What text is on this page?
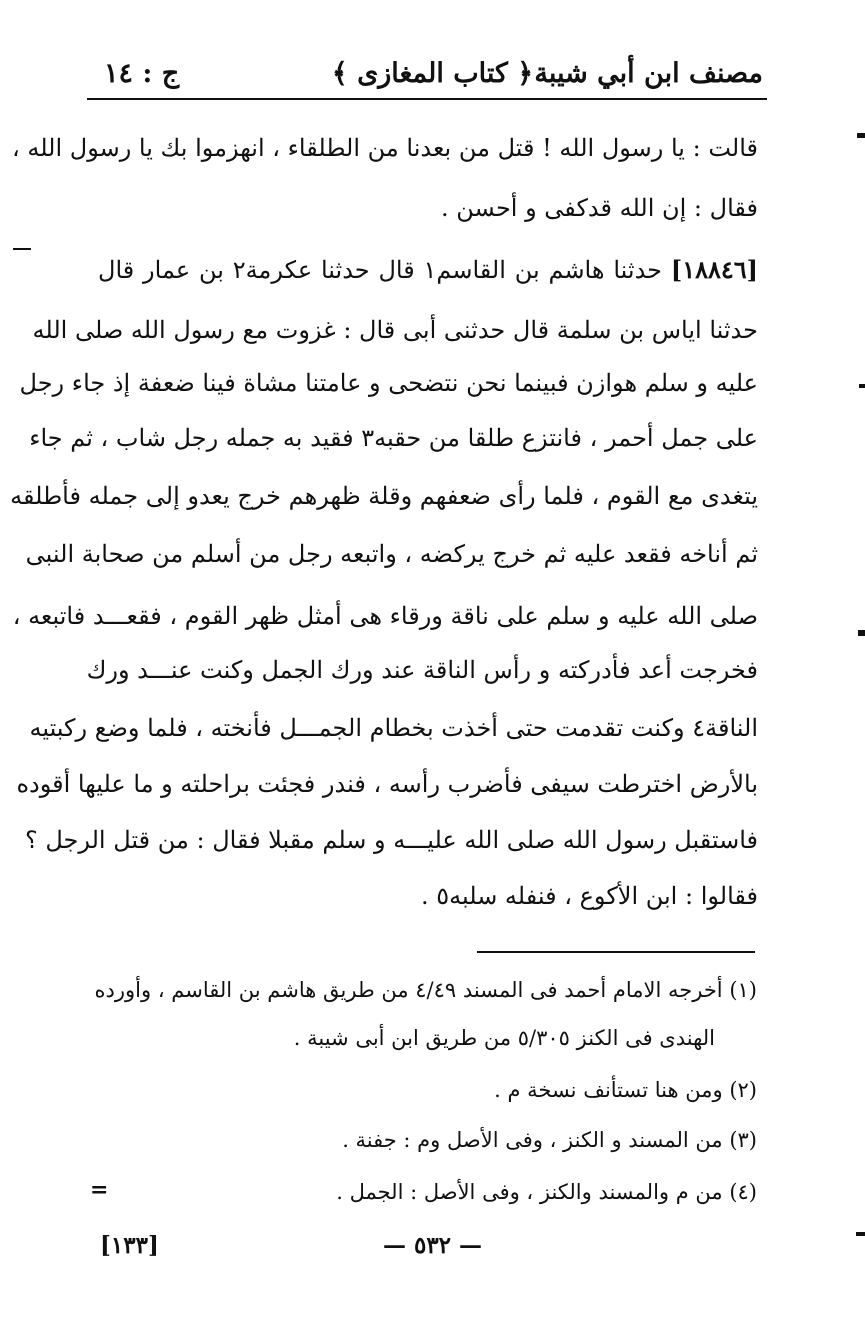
مصنف ابن أبي شيبة
﴿ كتاب المغازى ﴾
ج : ١٤
قالت : يا رسول الله ! قتل من بعدنا من الطلقاء ، انهزموا بك يا رسول الله ،
فقال : إن الله قدكفى و أحسن .
[١٨٨٤٦] حدثنا هاشم بن القاسم١ قال حدثنا عكرمة٢ بن عمار قال
حدثنا اياس بن سلمة قال حدثنى أبى قال : غزوت مع رسول الله صلى الله
عليه و سلم هوازن فبينما نحن نتضحى و عامتنا مشاة فينا ضعفة إذ جاء رجل
على جمل أحمر ، فانتزع طلقا من حقبه٣ فقيد به جمله رجل شاب ، ثم جاء
يتغدى مع القوم ، فلما رأى ضعفهم وقلة ظهرهم خرج يعدو إلى جمله فأطلقه
ثم أناخه فقعد عليه ثم خرج يركضه ، واتبعه رجل من أسلم من صحابة النبى
صلى الله عليه و سلم على ناقة ورقاء هى أمثل ظهر القوم ، فقعـــد فاتبعه ،
فخرجت أعد فأدركته و رأس الناقة عند ورك الجمل وكنت عنـــد ورك
الناقة٤ وكنت تقدمت حتى أخذت بخطام الجمـــل فأنخته ، فلما وضع ركبتيه
بالأرض اخترطت سيفى فأضرب رأسه ، فندر فجئت براحلته و ما عليها أقوده
فاستقبل رسول الله صلى الله عليـــه و سلم مقبلا فقال : من قتل الرجل ؟
فقالوا : ابن الأكوع ، فنفله سلبه٥ .
(١) أخرجه الامام أحمد فى المسند ٤/٤٩ من طريق هاشم بن القاسم ، وأورده
الهندى فى الكنز ٥/٣٠٥ من طريق ابن أبى شيبة .
(٢) ومن هنا تستأنف نسخة م .
(٣) من المسند و الكنز ، وفى الأصل وم : جفنة .
(٤) من م والمسند والكنز ، وفى الأصل : الجمل .
=
— ٥٣٢ —
[١٣٣]
